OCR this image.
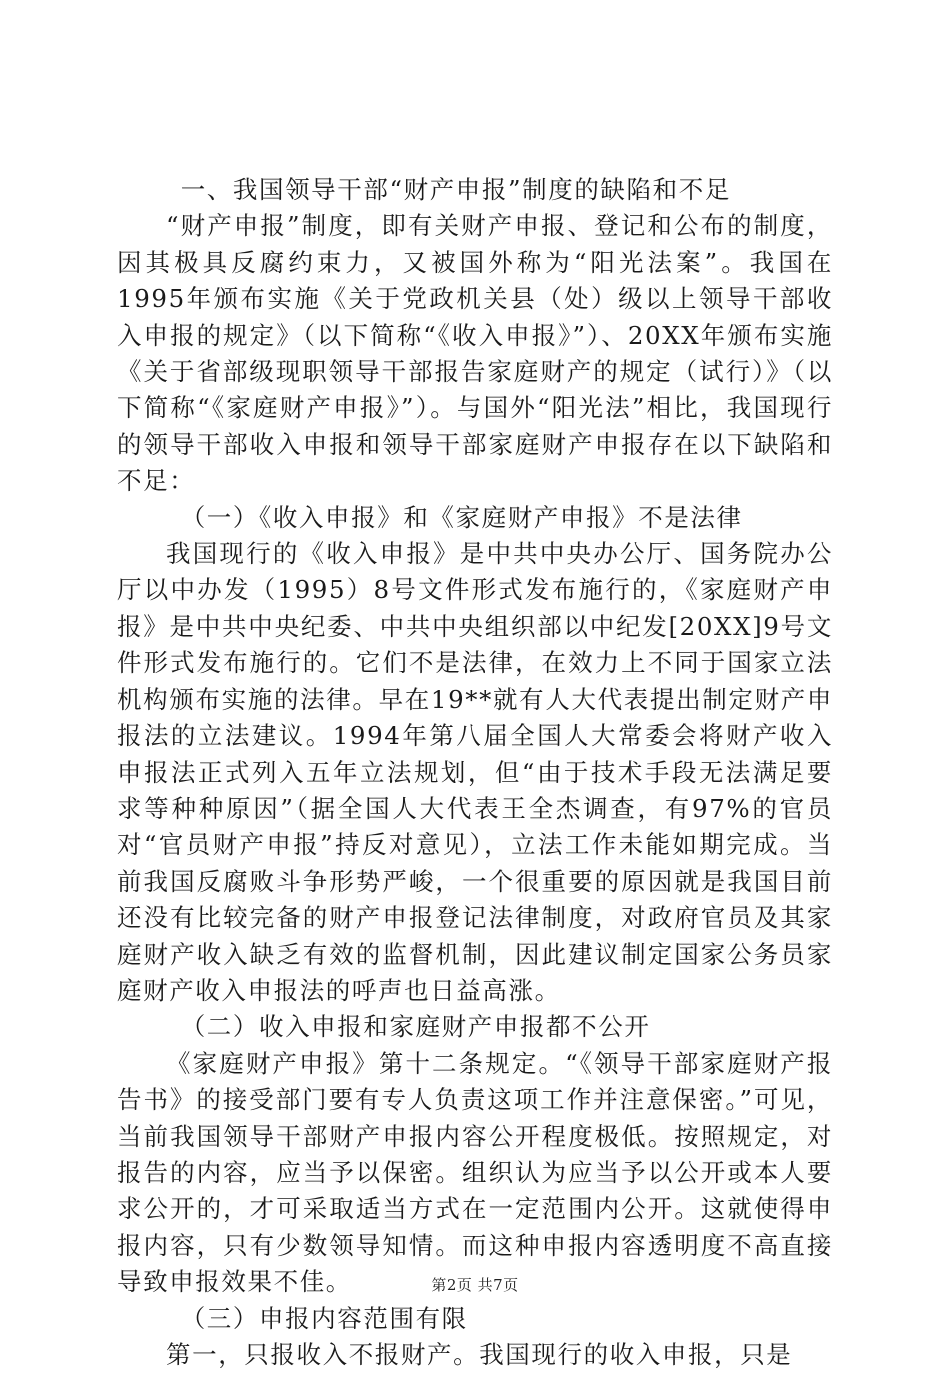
一、我国领导干部“财产申报”制度的缺陷和不足

“财产申报”制度，即有关财产申报、登记和公布的制度，因其极具反腐约束力，又被国外称为“阳光法案”。我国在1995年颁布实施《关于党政机关县（处）级以上领导干部收入申报的规定》（以下简称“《收入申报》”）、20XX年颁布实施《关于省部级现职领导干部报告家庭财产的规定（试行）》（以下简称“《家庭财产申报》”）。与国外“阳光法”相比，我国现行的领导干部收入申报和领导干部家庭财产申报存在以下缺陷和不足：

（一）《收入申报》和《家庭财产申报》不是法律

我国现行的《收入申报》是中共中央办公厅、国务院办公厅以中办发（1995）8号文件形式发布施行的，《家庭财产申报》是中共中央纪委、中共中央组织部以中纪发[20XX]9号文件形式发布施行的。它们不是法律，在效力上不同于国家立法机构颁布实施的法律。早在19**就有人大代表提出制定财产申报法的立法建议。1994年第八届全国人大常委会将财产收入申报法正式列入五年立法规划，但“由于技术手段无法满足要求等种种原因”（据全国人大代表王全杰调查，有97%的官员对“官员财产申报”持反对意见），立法工作未能如期完成。当前我国反腐败斗争形势严峻，一个很重要的原因就是我国目前还没有比较完备的财产申报登记法律制度，对政府官员及其家庭财产收入缺乏有效的监督机制，因此建议制定国家公务员家庭财产收入申报法的呼声也日益高涨。

（二）收入申报和家庭财产申报都不公开

《家庭财产申报》第十二条规定。“《领导干部家庭财产报告书》的接受部门要有专人负责这项工作并注意保密。”可见，当前我国领导干部财产申报内容公开程度极低。按照规定，对报告的内容，应当予以保密。组织认为应当予以公开或本人要求公开的，才可采取适当方式在一定范围内公开。这就使得申报内容，只有少数领导知情。而这种申报内容透明度不高直接导致申报效果不佳。

（三）申报内容范围有限

第一，只报收入不报财产。我国现行的收入申报，只是

第2页 共7页
